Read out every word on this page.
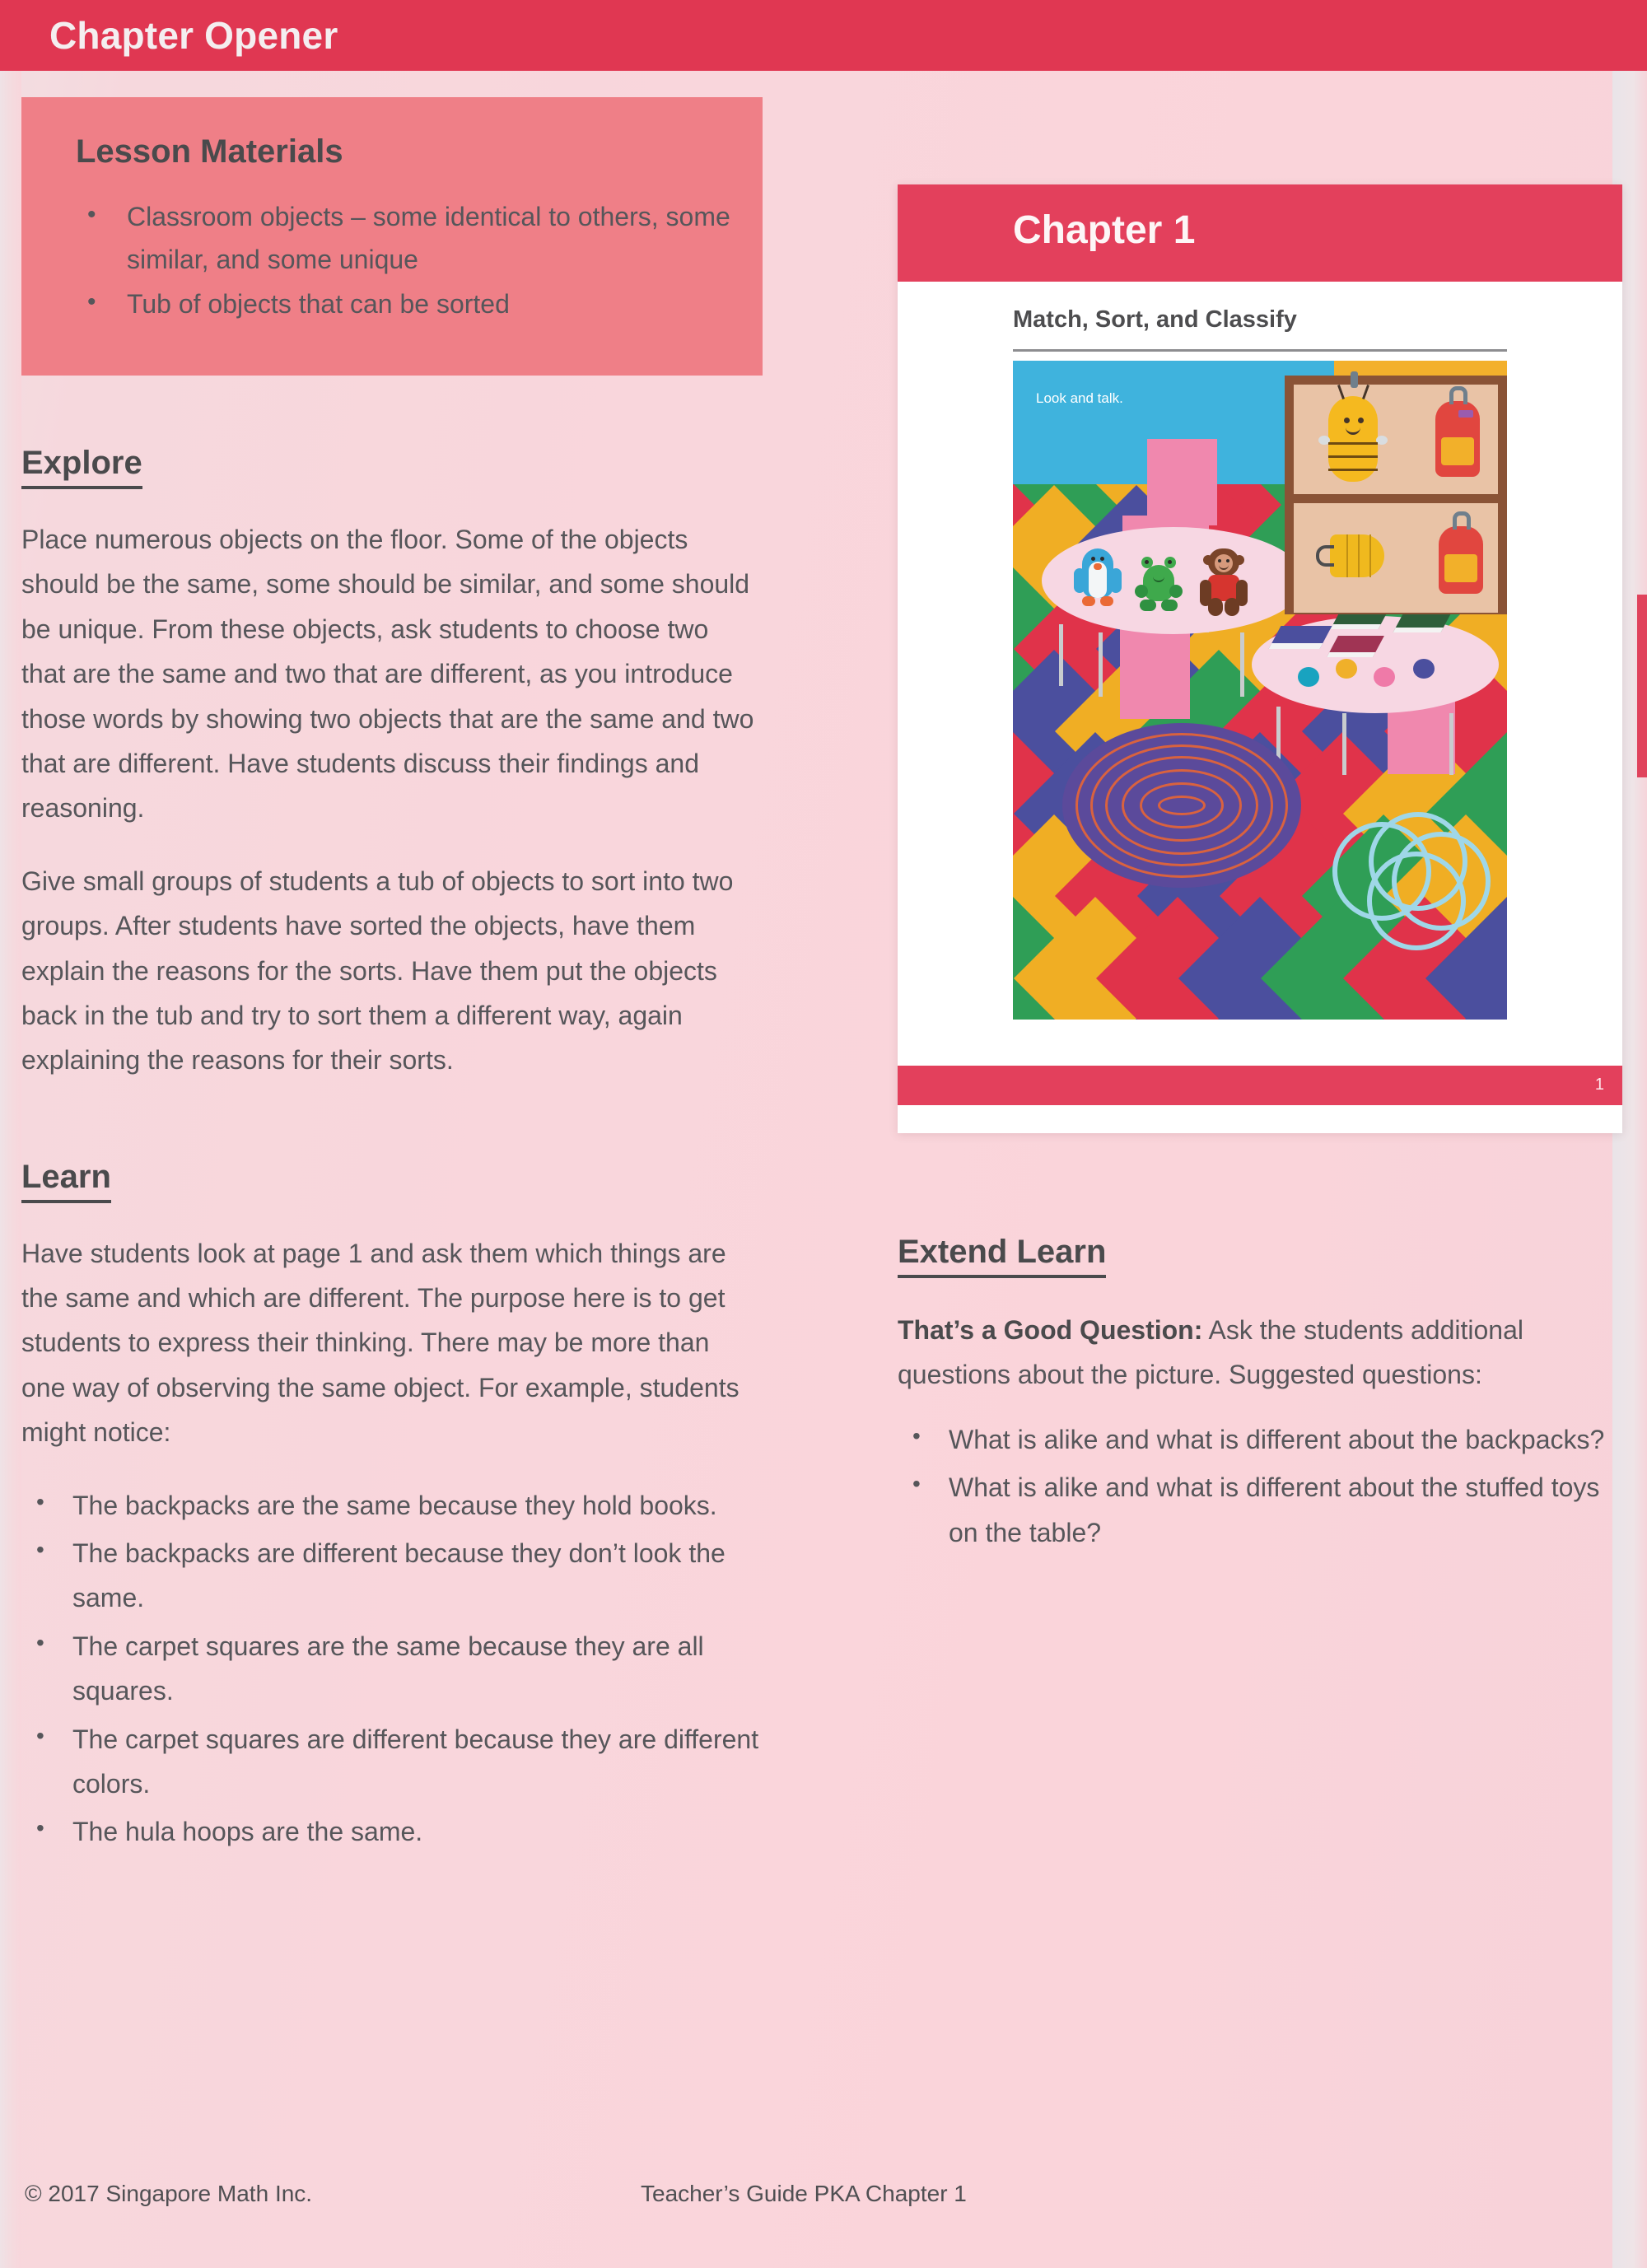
Chapter Opener
Lesson Materials
• Classroom objects – some identical to others, some similar, and some unique
• Tub of objects that can be sorted
Explore

Place numerous objects on the floor. Some of the objects should be the same, some should be similar, and some should be unique. From these objects, ask students to choose two that are the same and two that are different, as you introduce those words by showing two objects that are the same and two that are different. Have students discuss their findings and reasoning.

Give small groups of students a tub of objects to sort into two groups. After students have sorted the objects, have them explain the reasons for the sorts. Have them put the objects back in the tub and try to sort them a different way, again explaining the reasons for their sorts.

Learn

Have students look at page 1 and ask them which things are the same and which are different. The purpose here is to get students to express their thinking. There may be more than one way of observing the same object. For example, students might notice:

• The backpacks are the same because they hold books.
• The backpacks are different because they don’t look the same.
• The carpet squares are the same because they are all squares.
• The carpet squares are different because they are different colors.
• The hula hoops are the same.
Chapter 1
Match, Sort, and Classify
Look and talk.
1
Extend Learn

That’s a Good Question: Ask the students additional questions about the picture. Suggested questions:

• What is alike and what is different about the backpacks?
• What is alike and what is different about the stuffed toys on the table?
© 2017 Singapore Math Inc.	Teacher’s Guide PKA Chapter 1
